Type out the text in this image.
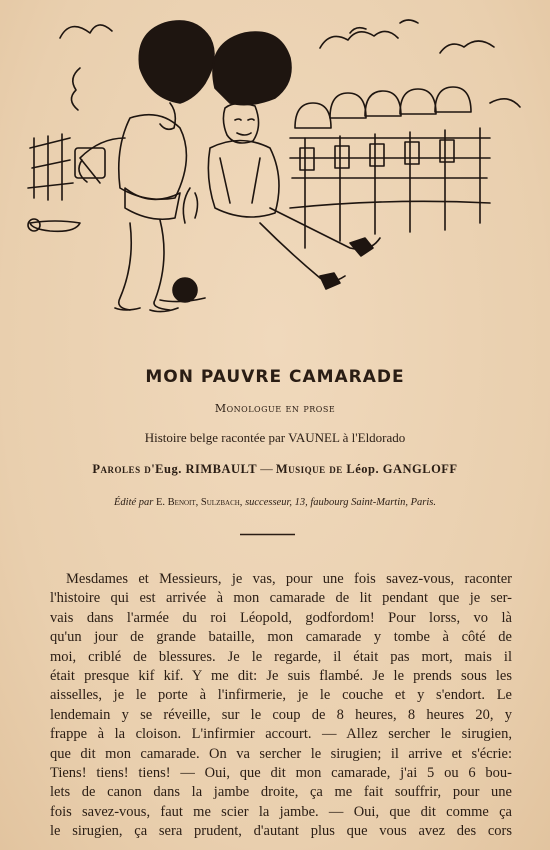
MON PAUVRE CAMARADE
Monologue en prose
Histoire belge racontée par VAUNEL à l'Eldorado
Paroles d'Eug. RIMBAULT — Musique de Léop. GANGLOFF
Édité par E. Benoit, Sulzbach, successeur, 13, faubourg Saint-Martin, Paris.
Mesdames et Messieurs, je vas, pour une fois savez-vous, raconter
l'histoire qui est arrivée à mon camarade de lit pendant que je ser-
vais dans l'armée du roi Léopold, godfordom! Pour lorss, vo là
qu'un jour de grande bataille, mon camarade y tombe à côté de
moi, criblé de blessures. Je le regarde, il était pas mort, mais il
était presque kif kif. Y me dit: Je suis flambé. Je le prends sous les
aisselles, je le porte à l'infirmerie, je le couche et y s'endort. Le
lendemain y se réveille, sur le coup de 8 heures, 8 heures 20, y
frappe à la cloison. L'infirmier accourt. — Allez sercher le sirugien,
que dit mon camarade. On va sercher le sirugien; il arrive et s'écrie:
Tiens! tiens! tiens! — Oui, que dit mon camarade, j'ai 5 ou 6 bou-
lets de canon dans la jambe droite, ça me fait souffrir, pour une
fois savez-vous, faut me scier la jambe. — Oui, que dit comme ça
le sirugien, ça sera prudent, d'autant plus que vous avez des cors
